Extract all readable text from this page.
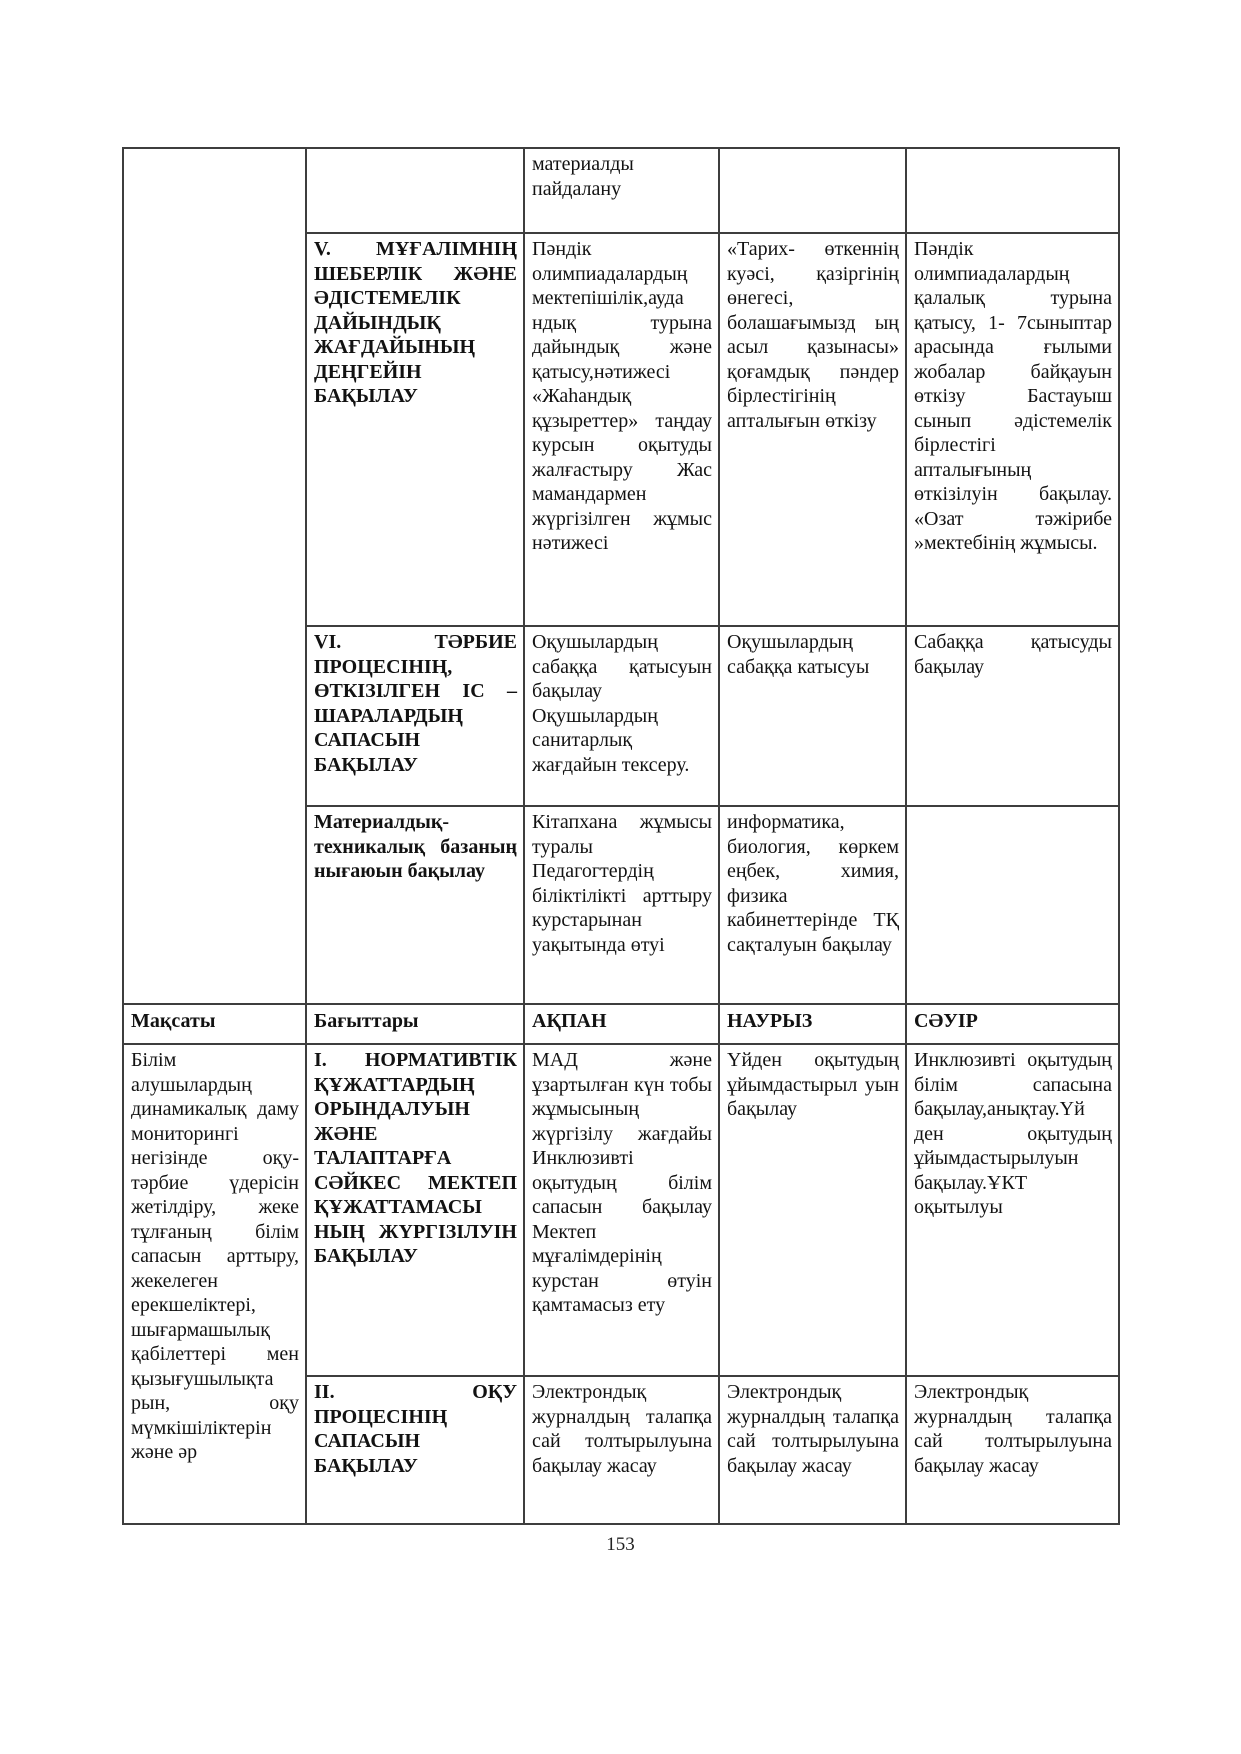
		материалды пайдалану		
	V. МҰҒАЛІМНІҢ ШЕБЕРЛІК ЖӘНЕ ӘДІСТЕМЕЛІК ДАЙЫНДЫҚ ЖАҒДАЙЫНЫҢ ДЕҢГЕЙІН БАҚЫЛАУ	Пәндік олимпиадалардың мектепішілік,ауда ндық турына дайындық және қатысу,нәтижесі «Жаһандық құзыреттер» таңдау курсын оқытуды жалғастыру Жас мамандармен жүргізілген жұмыс нәтижесі	«Тарих- өткеннің куәсі, қазіргінің өнегесі, болашағымызд ың асыл қазынасы» қоғамдық пәндер бірлестігінің апталығын өткізу	Пәндік олимпиадалардың қалалық турына қатысу, 1- 7сыныптар арасында ғылыми жобалар байқауын өткізу Бастауыш сынып әдістемелік бірлестігі апталығының өткізілуін бақылау. «Озат тәжірибе »мектебінің жұмысы.
	VI. ТӘРБИЕ ПРОЦЕСІНІҢ, ӨТКІЗІЛГЕН ІС – ШАРАЛАРДЫҢ САПАСЫН БАҚЫЛАУ	Оқушылардың сабаққа қатысуын бақылау Оқушылардың санитарлық жағдайын тексеру.	Оқушылардың сабаққа катысуы	Сабаққа қатысуды бақылау
	Материалдық-техникалық базаның нығаюын бақылау	Кітапхана жұмысы туралы Педагогтердің біліктілікті арттыру курстарынан уақытында өтуі	информатика, биология, көркем еңбек, химия, физика кабинеттерінде ТҚ сақталуын бақылау	
Мақсаты	Бағыттары	АҚПАН	НАУРЫЗ	СӘУІР
Білім алушылардың динамикалық даму мониторингі негізінде оқу-тәрбие үдерісін жетілдіру, жеке тұлғаның білім сапасын арттыру, жекелеген ерекшеліктері, шығармашылық қабілеттері мен қызығушылықта рын, оқу мүмкішіліктерін және әр	І. НОРМАТИВТІК ҚҰЖАТТАРДЫҢ ОРЫНДАЛУЫН ЖӘНЕ ТАЛАПТАРҒА СӘЙКЕС МЕКТЕП ҚҰЖАТТАМАСЫ НЫҢ ЖҮРГІЗІЛУІН БАҚЫЛАУ	МАД және ұзартылған күн тобы жұмысының жүргізілу жағдайы Инклюзивті оқытудың білім сапасын бақылау Мектеп мұғалімдерінің курстан өтуін қамтамасыз ету	Үйден оқытудың ұйымдастырыл уын бақылау	Инклюзивті оқытудың білім сапасына бақылау,анықтау.Үй ден оқытудың ұйымдастырылуын бақылау.ҰКТ оқытылуы
	ІІ. ОҚУ ПРОЦЕСІНІҢ САПАСЫН БАҚЫЛАУ	Электрондық журналдың талапқа сай толтырылуына бақылау жасау	Электрондық журналдың талапқа сай толтырылуына бақылау жасау	Электрондық журналдың талапқа сай толтырылуына бақылау жасау
153
